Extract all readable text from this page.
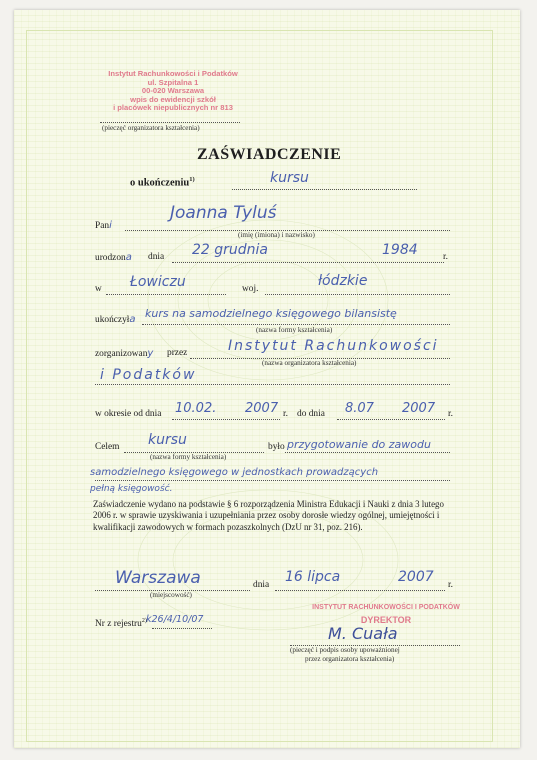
Instytut Rachunkowości i Podatków
ul. Szpitalna 1
00-020 Warszawa
wpis do ewidencji szkół
i placówek niepublicznych nr 813
(pieczęć organizatora kształcenia)
ZAŚWIADCZENIE
o ukończeniu$^{1)}$	kursu
Pani
Joanna Tyluś
(imię (imiona) i nazwisko)
urodzona dnia 22 grudnia	1984	r.
w Łowiczu	woj.	łódzkie
ukończyła kurs na samodzielnego księgowego bilansistę
(nazwa formy kształcenia)
zorganizowany przez	Instytut Rachunkowości
(nazwa organizatora kształcenia)
i Podatków
w okresie od dnia 10.02. 2007 r. do dnia 8.07 2007 r.
Celem kursu
(nazwa formy kształcenia)
było przygotowanie do zawodu
samodzielnego księgowego w jednostkach prowadzących
pełną księgowość.
Zaświadczenie wydano na podstawie § 6 rozporządzenia Ministra Edukacji i Nauki z dnia 3 lutego 2006 r. w sprawie uzyskiwania i uzupełniania przez osoby dorosłe wiedzy ogólnej, umiejętności i kwalifikacji zawodowych w formach pozaszkolnych (DzU nr 31, poz. 216).
Warszawa
(miejscowość)
dnia 16 lipca	2007 r.
Nr z rejestru$^{2)}$ k26/4/10/07
INSTYTUT RACHUNKOWOŚCI I PODATKÓW
DYREKTOR
M. Cuała
(pieczęć i podpis osoby upoważnionej
przez organizatora kształcenia)
